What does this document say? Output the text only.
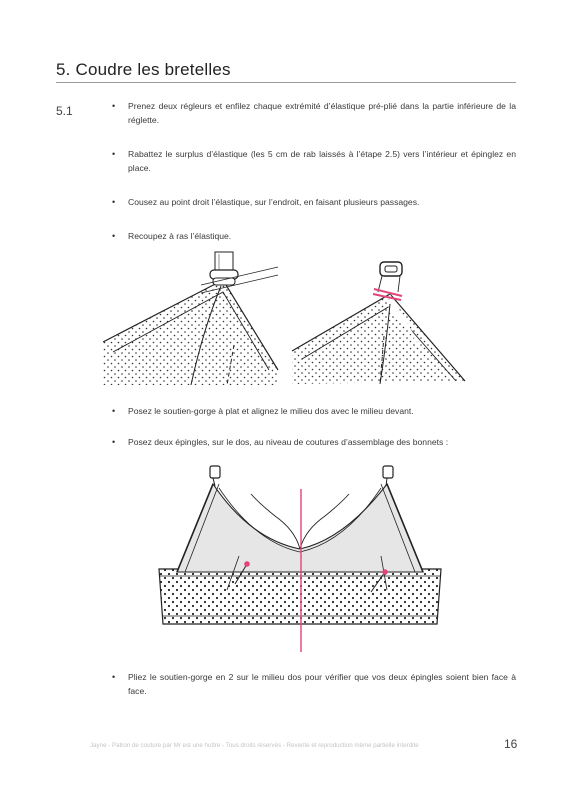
5. Coudre les bretelles
5.1
•	Prenez deux régleurs et enfilez chaque extrémité d’élastique pré-plié dans la partie inférieure de la réglette.
• Rabattez le surplus d’élastique (les 5 cm de rab laissés à l’étape 2.5) vers l’intérieur et épinglez en place.
• Cousez au point droit l’élastique, sur l’endroit, en faisant plusieurs passages.
• Recoupez à ras l’élastique.
• Posez le soutien-gorge à plat et alignez le milieu dos avec le milieu devant.
• Posez deux épingles, sur le dos, au niveau de coutures d’assemblage des bonnets :
• Pliez le soutien-gorge en 2 sur le milieu dos pour vérifier que vos deux épingles soient bien face à face.
Jayne - Patron de couture par Mr est une huître - Tous droits réservés - Revente et reproduction même partielle interdite	16
